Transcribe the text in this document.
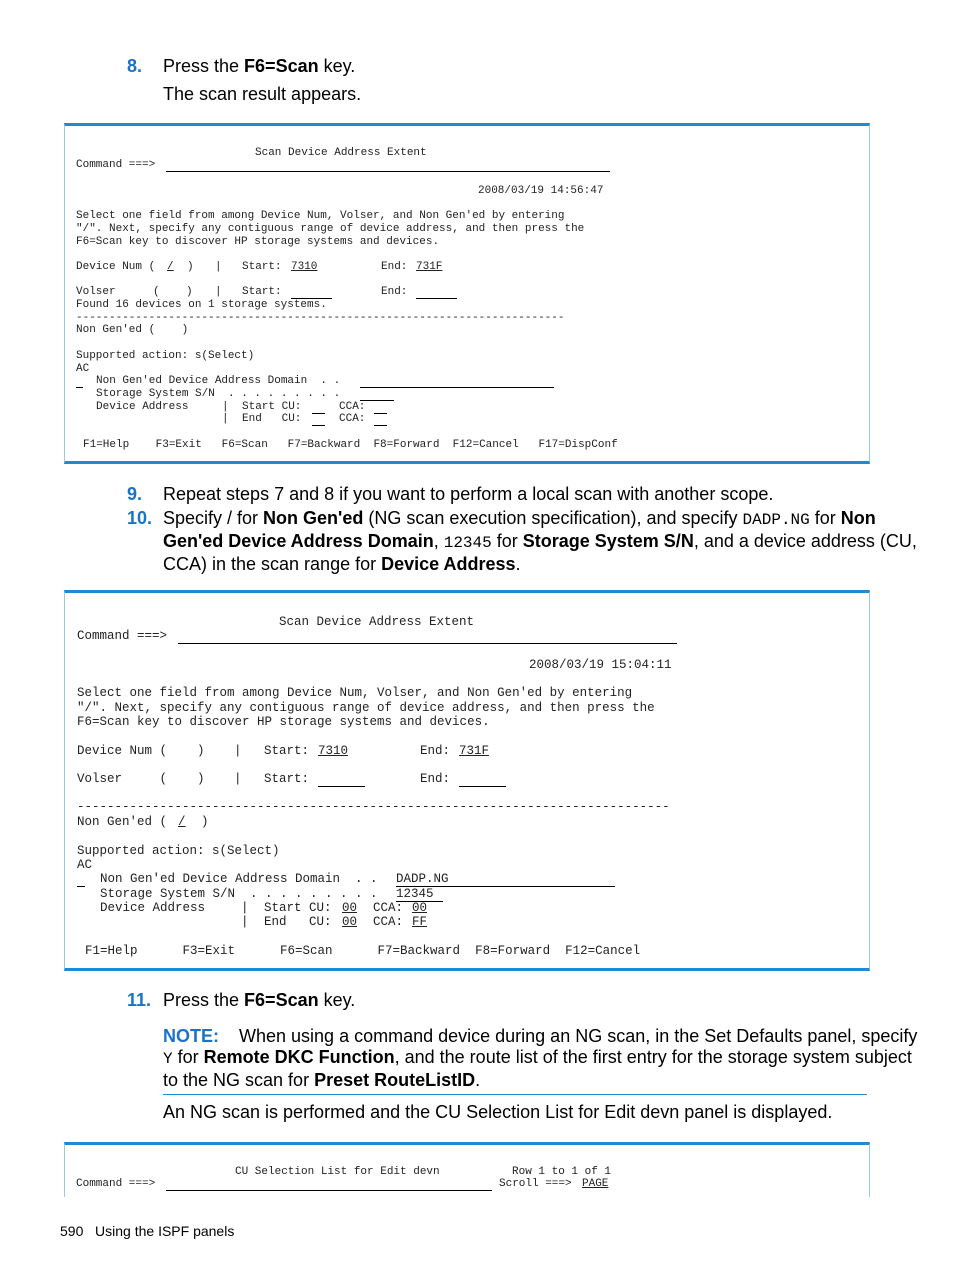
8. Press the F6=Scan key.
The scan result appears.
Scan Device Address Extent
Command ===>
2008/03/19 14:56:47
Select one field from among Device Num, Volser, and Non Gen'ed by entering
"/". Next, specify any contiguous range of device address, and then press the
F6=Scan key to discover HP storage systems and devices.
Device Num ( / ) | Start: 7310	End: 731F
Volser	(    ) | Start:	End:
Found 16 devices on 1 storage systems.
--------------------------------------------------------------------------
Non Gen'ed (    )
Supported action: s(Select)
AC
Non Gen'ed Device Address Domain  . .
Storage System S/N  . . . . . . . . .
Device Address	| Start CU:	CCA:
| End   CU:	CCA:
F1=Help    F3=Exit   F6=Scan   F7=Backward  F8=Forward  F12=Cancel   F17=DispConf
9. Repeat steps 7 and 8 if you want to perform a local scan with another scope.
10. Specify / for Non Gen'ed (NG scan execution specification), and specify DADP.NG for Non
Gen'ed Device Address Domain, 12345 for Storage System S/N, and a device address (CU,
CCA) in the scan range for Device Address.
Scan Device Address Extent
Command ===>
2008/03/19 15:04:11
Select one field from among Device Num, Volser, and Non Gen'ed by entering
"/". Next, specify any contiguous range of device address, and then press the
F6=Scan key to discover HP storage systems and devices.
Device Num (    ) | Start: 7310	End: 731F
Volser     (    ) | Start:	End:
-------------------------------------------------------------------------------
Non Gen'ed ( / )
Supported action: s(Select)
AC
Non Gen'ed Device Address Domain  . . DADP.NG
Storage System S/N  . . . . . . . . . 12345
Device Address	| Start CU: 00 CCA: 00
| End   CU: 00 CCA: FF
F1=Help      F3=Exit      F6=Scan      F7=Backward  F8=Forward  F12=Cancel
11. Press the F6=Scan key.
NOTE: When using a command device during an NG scan, in the Set Defaults panel, specify
Y for Remote DKC Function, and the route list of the first entry for the storage system subject
to the NG scan for Preset RouteListID.
An NG scan is performed and the CU Selection List for Edit devn panel is displayed.
CU Selection List for Edit devn	Row 1 to 1 of 1
Command ===>	Scroll ===> PAGE
590 Using the ISPF panels
